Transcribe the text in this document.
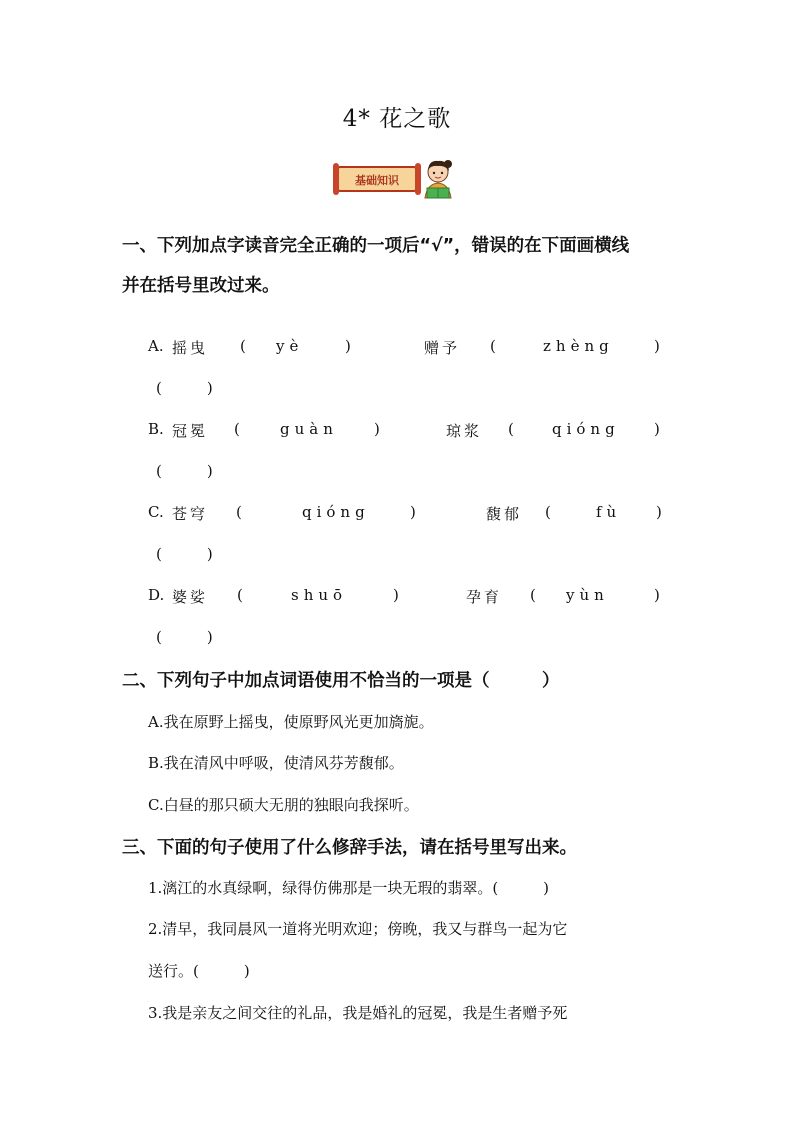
4* 花之歌
基础知识
一、下列加点字读音完全正确的一项后“√”，错误的在下面画横线
并在括号里改过来。
A. 摇曳 ( yè	)	赠予 (	zhèng	)
(　　　)
B. 冠冕 (	guàn )	琼浆 (	qióng )
(　　　)
C. 苍穹 (	qióng	)	馥郁 (	fù )
(　　　)
D. 婆娑 (	shuō	)	孕育 ( yùn	)
(　　　)
二、下列句子中加点词语使用不恰当的一项是（　　　）
A.我在原野上摇曳，使原野风光更加旖旎。
B.我在清风中呼吸，使清风芬芳馥郁。
C.白昼的那只硕大无朋的独眼向我探听。
三、下面的句子使用了什么修辞手法，请在括号里写出来。
1.漓江的水真绿啊，绿得仿佛那是一块无瑕的翡翠。(　　　)
2.清早，我同晨风一道将光明欢迎；傍晚，我又与群鸟一起为它
送行。(　　　)
3.我是亲友之间交往的礼品，我是婚礼的冠冕，我是生者赠予死
